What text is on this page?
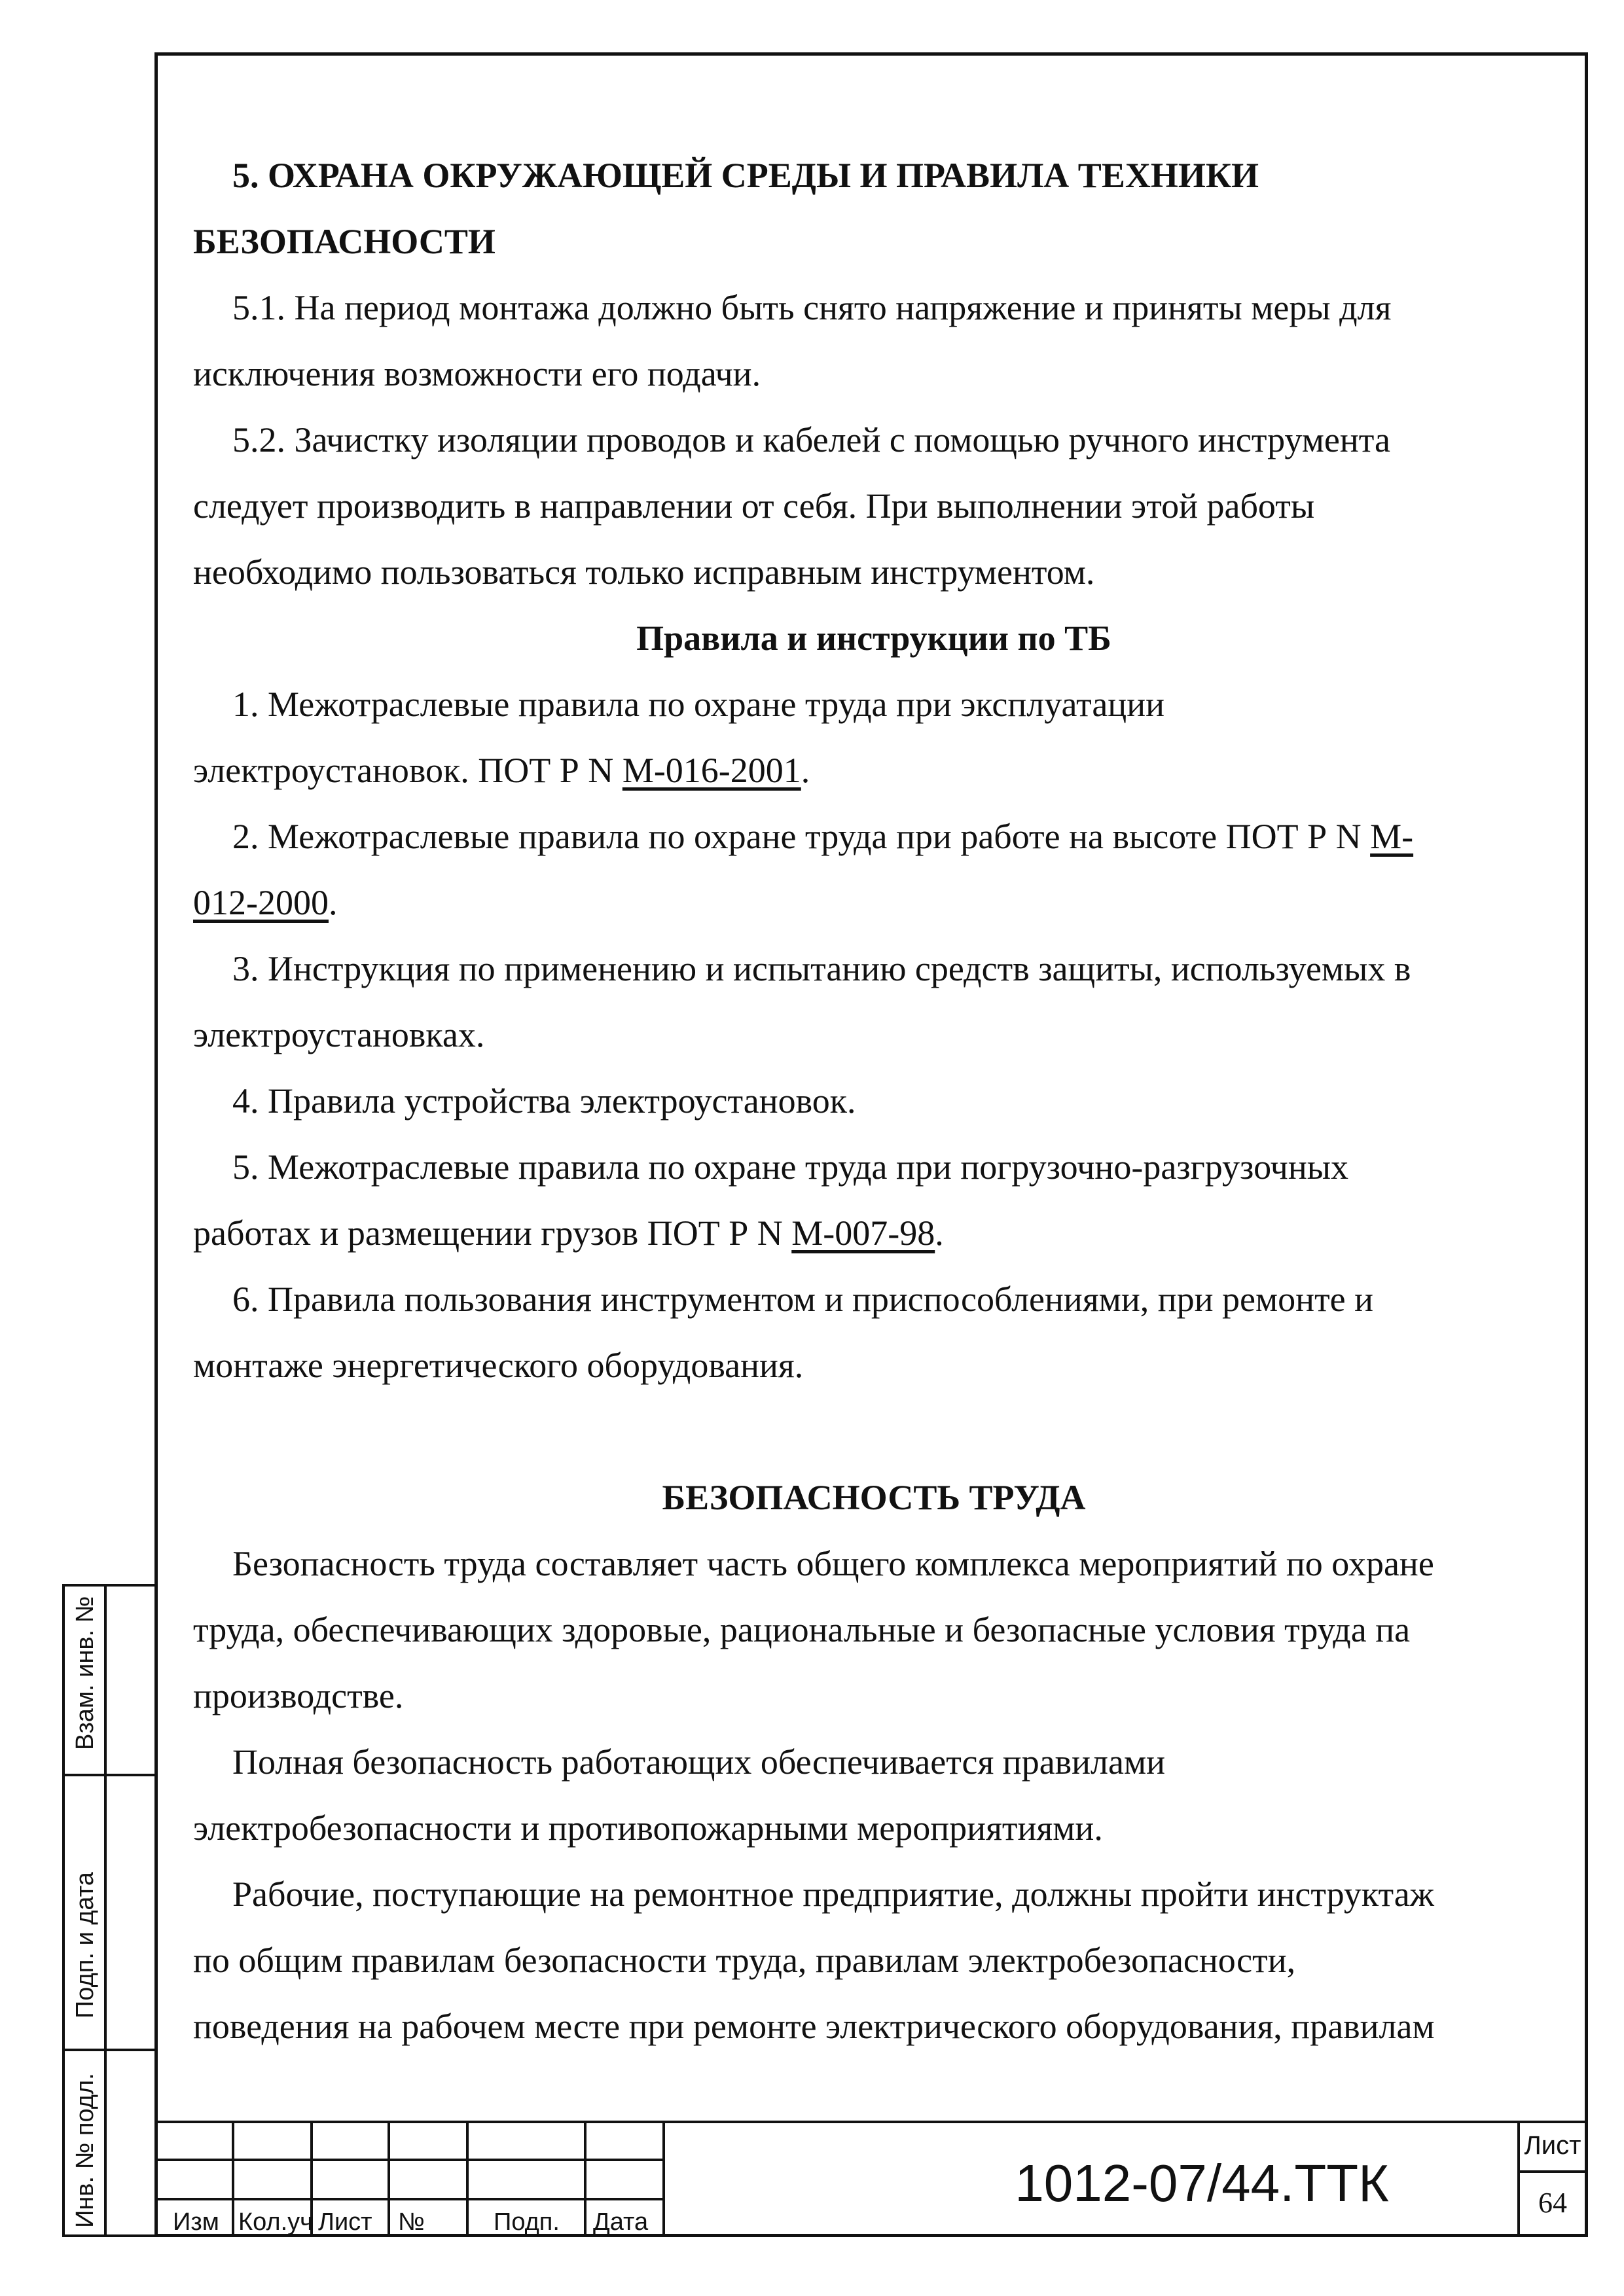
5. ОХРАНА ОКРУЖАЮЩЕЙ СРЕДЫ И ПРАВИЛА ТЕХНИКИ
БЕЗОПАСНОСТИ
5.1. На период монтажа должно быть снято напряжение и приняты меры для
исключения возможности его подачи.
5.2. Зачистку изоляции проводов и кабелей с помощью ручного инструмента
следует производить в направлении от себя. При выполнении этой работы
необходимо пользоваться только исправным инструментом.
Правила и инструкции по ТБ
1. Межотраслевые правила по охране труда при эксплуатации
электроустановок. ПОТ Р N М-016-2001.
2. Межотраслевые правила по охране труда при работе на высоте ПОТ Р N М-
012-2000.
3. Инструкция по применению и испытанию средств защиты, используемых в
электроустановках.
4. Правила устройства электроустановок.
5. Межотраслевые правила по охране труда при погрузочно-разгрузочных
работах и размещении грузов ПОТ Р N М-007-98.
6. Правила пользования инструментом и приспособлениями, при ремонте и
монтаже энергетического оборудования.
БЕЗОПАСНОСТЬ ТРУДА
Безопасность труда составляет часть общего комплекса мероприятий по охране
труда, обеспечивающих здоровые, рациональные и безопасные условия труда па
производстве.
Полная безопасность работающих обеспечивается правилами
электробезопасности и противопожарными мероприятиями.
Рабочие, поступающие на ремонтное предприятие, должны пройти инструктаж
по общим правилам безопасности труда, правилам электробезопасности,
поведения на рабочем месте при ремонте электрического оборудования, правилам
Взам. инв. №
Подп. и дата
Инв. № подл.	Изм Кол.уч Лист №	Подп. Дата
1012-07/44.ТТК
Лист
64
